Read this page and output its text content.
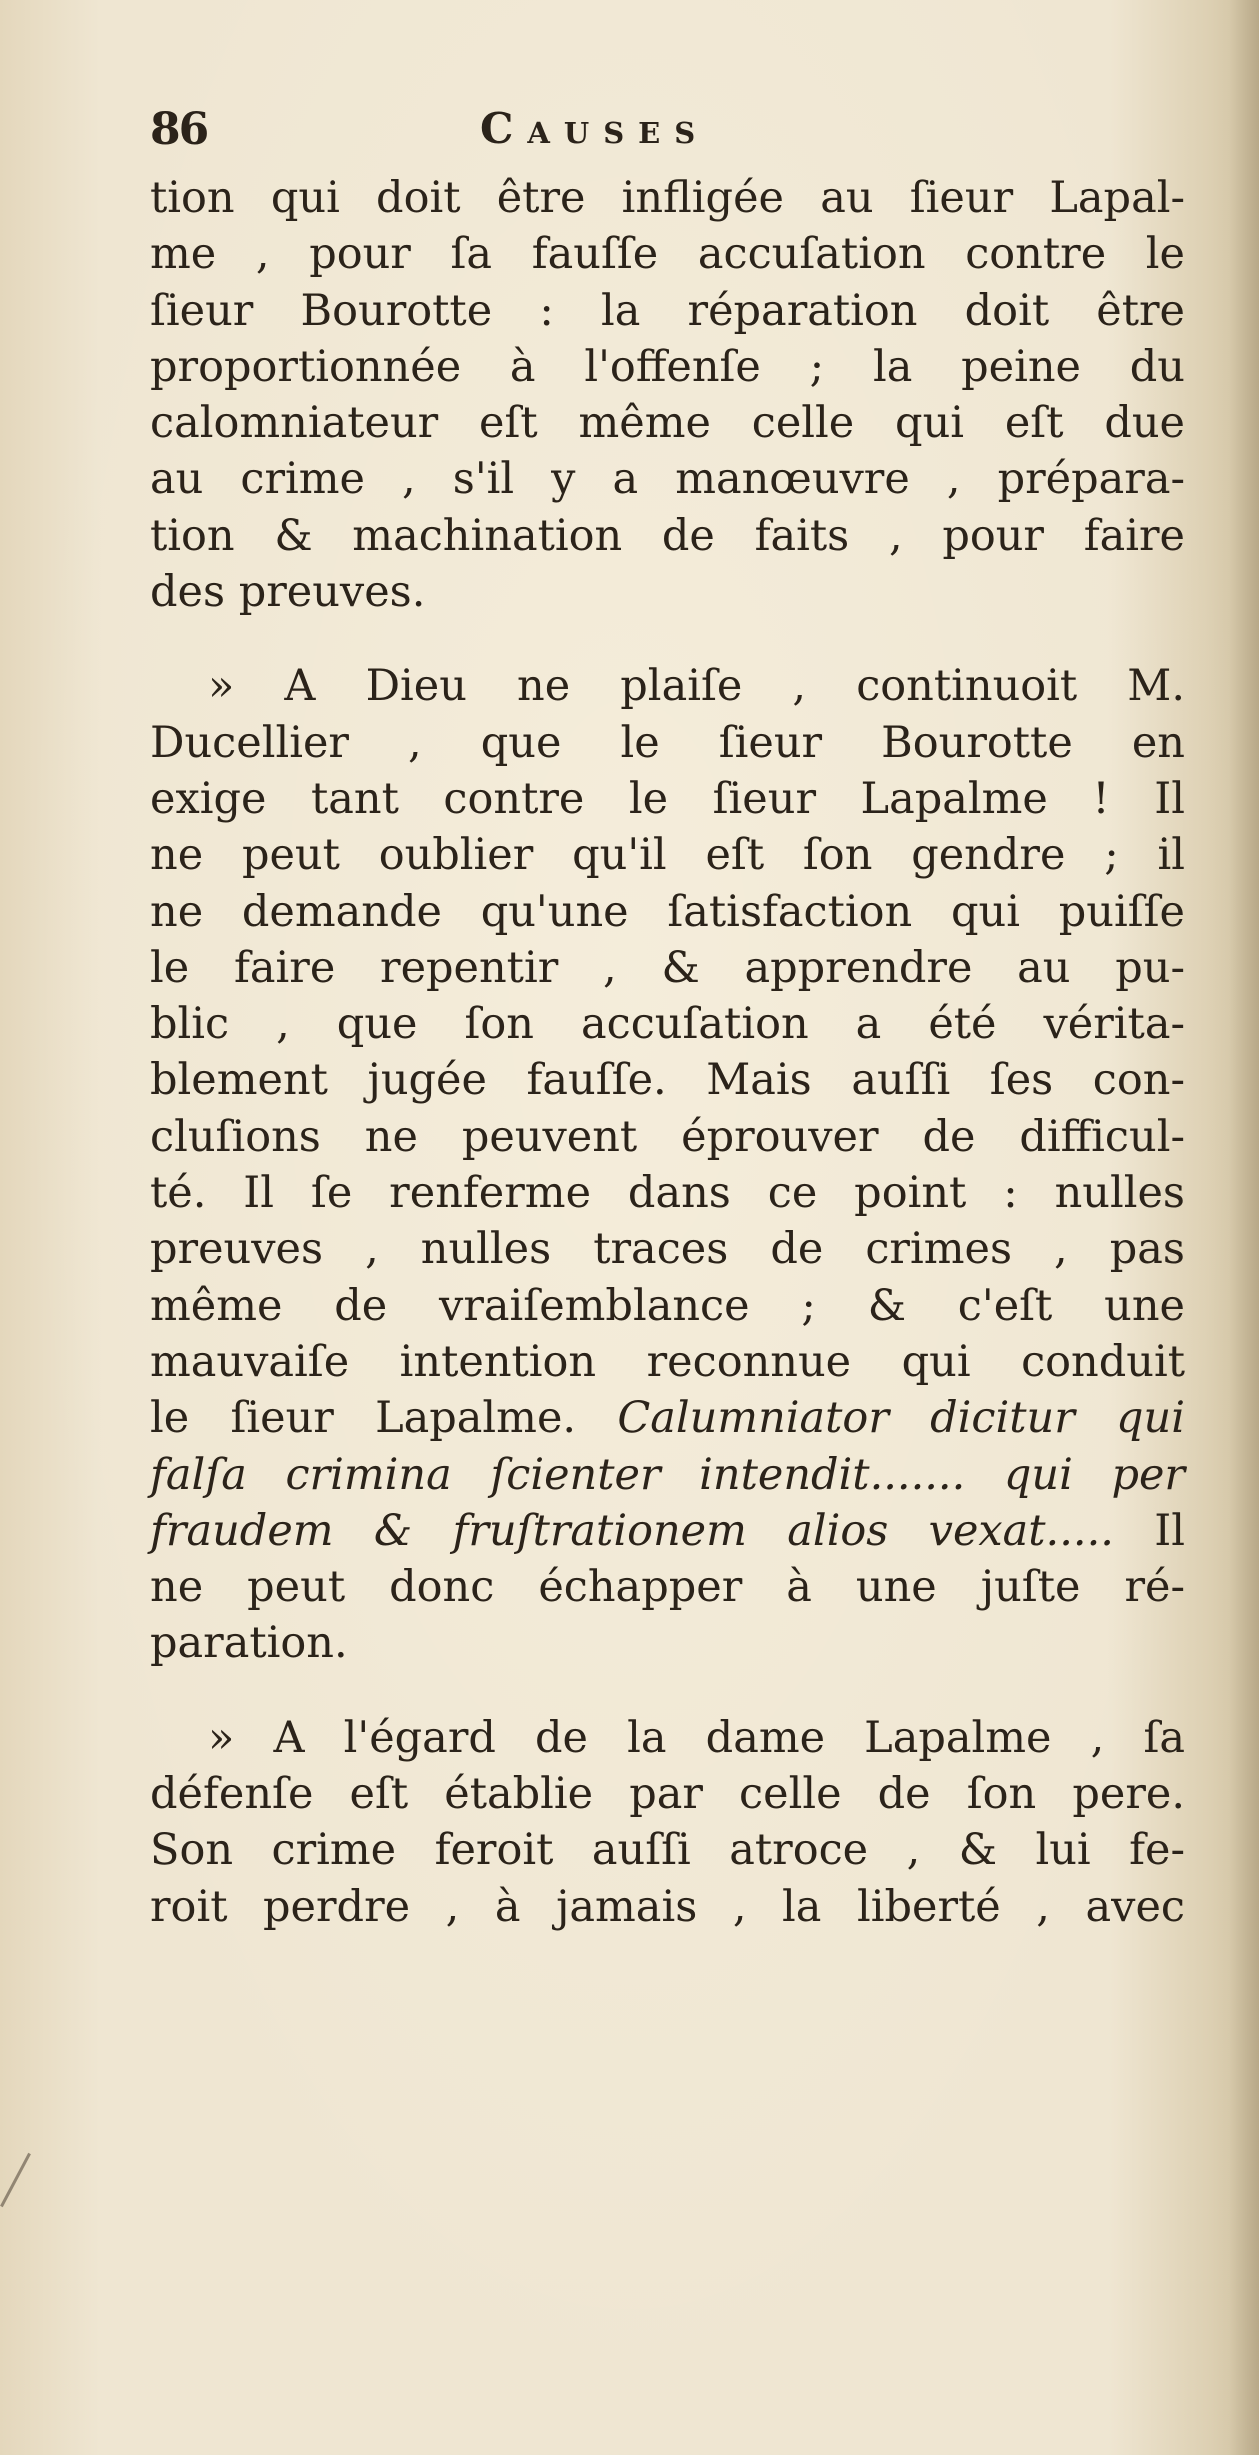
86	Causes

tion qui doit être infligée au ſieur Lapal-
me , pour ſa fauſſe accuſation contre le
ſieur Bourotte : la réparation doit être
proportionnée à l'offenſe ; la peine du
calomniateur eſt même celle qui eſt due
au crime , s'il y a manœuvre , prépara-
tion & machination de faits , pour faire
des preuves.

» A Dieu ne plaiſe , continuoit M.
Ducellier , que le ſieur Bourotte en
exige tant contre le ſieur Lapalme ! Il
ne peut oublier qu'il eſt ſon gendre ; il
ne demande qu'une ſatisfaction qui puiſſe
le faire repentir , & apprendre au pu-
blic , que ſon accuſation a été vérita-
blement jugée fauſſe. Mais auſſi ſes con-
cluſions ne peuvent éprouver de difficul-
té. Il ſe renferme dans ce point : nulles
preuves , nulles traces de crimes , pas
même de vraiſemblance ; & c'eſt une
mauvaiſe intention reconnue qui conduit
le ſieur Lapalme. Calumniator dicitur qui
falſa crimina ſcienter intendit....... qui per
fraudem & fruſtrationem alios vexat..... Il
ne peut donc échapper à une juſte ré-
paration.

» A l'égard de la dame Lapalme , ſa
défenſe eſt établie par celle de ſon pere.
Son crime feroit auſſi atroce , & lui fe-
roit perdre , à jamais , la liberté , avec
